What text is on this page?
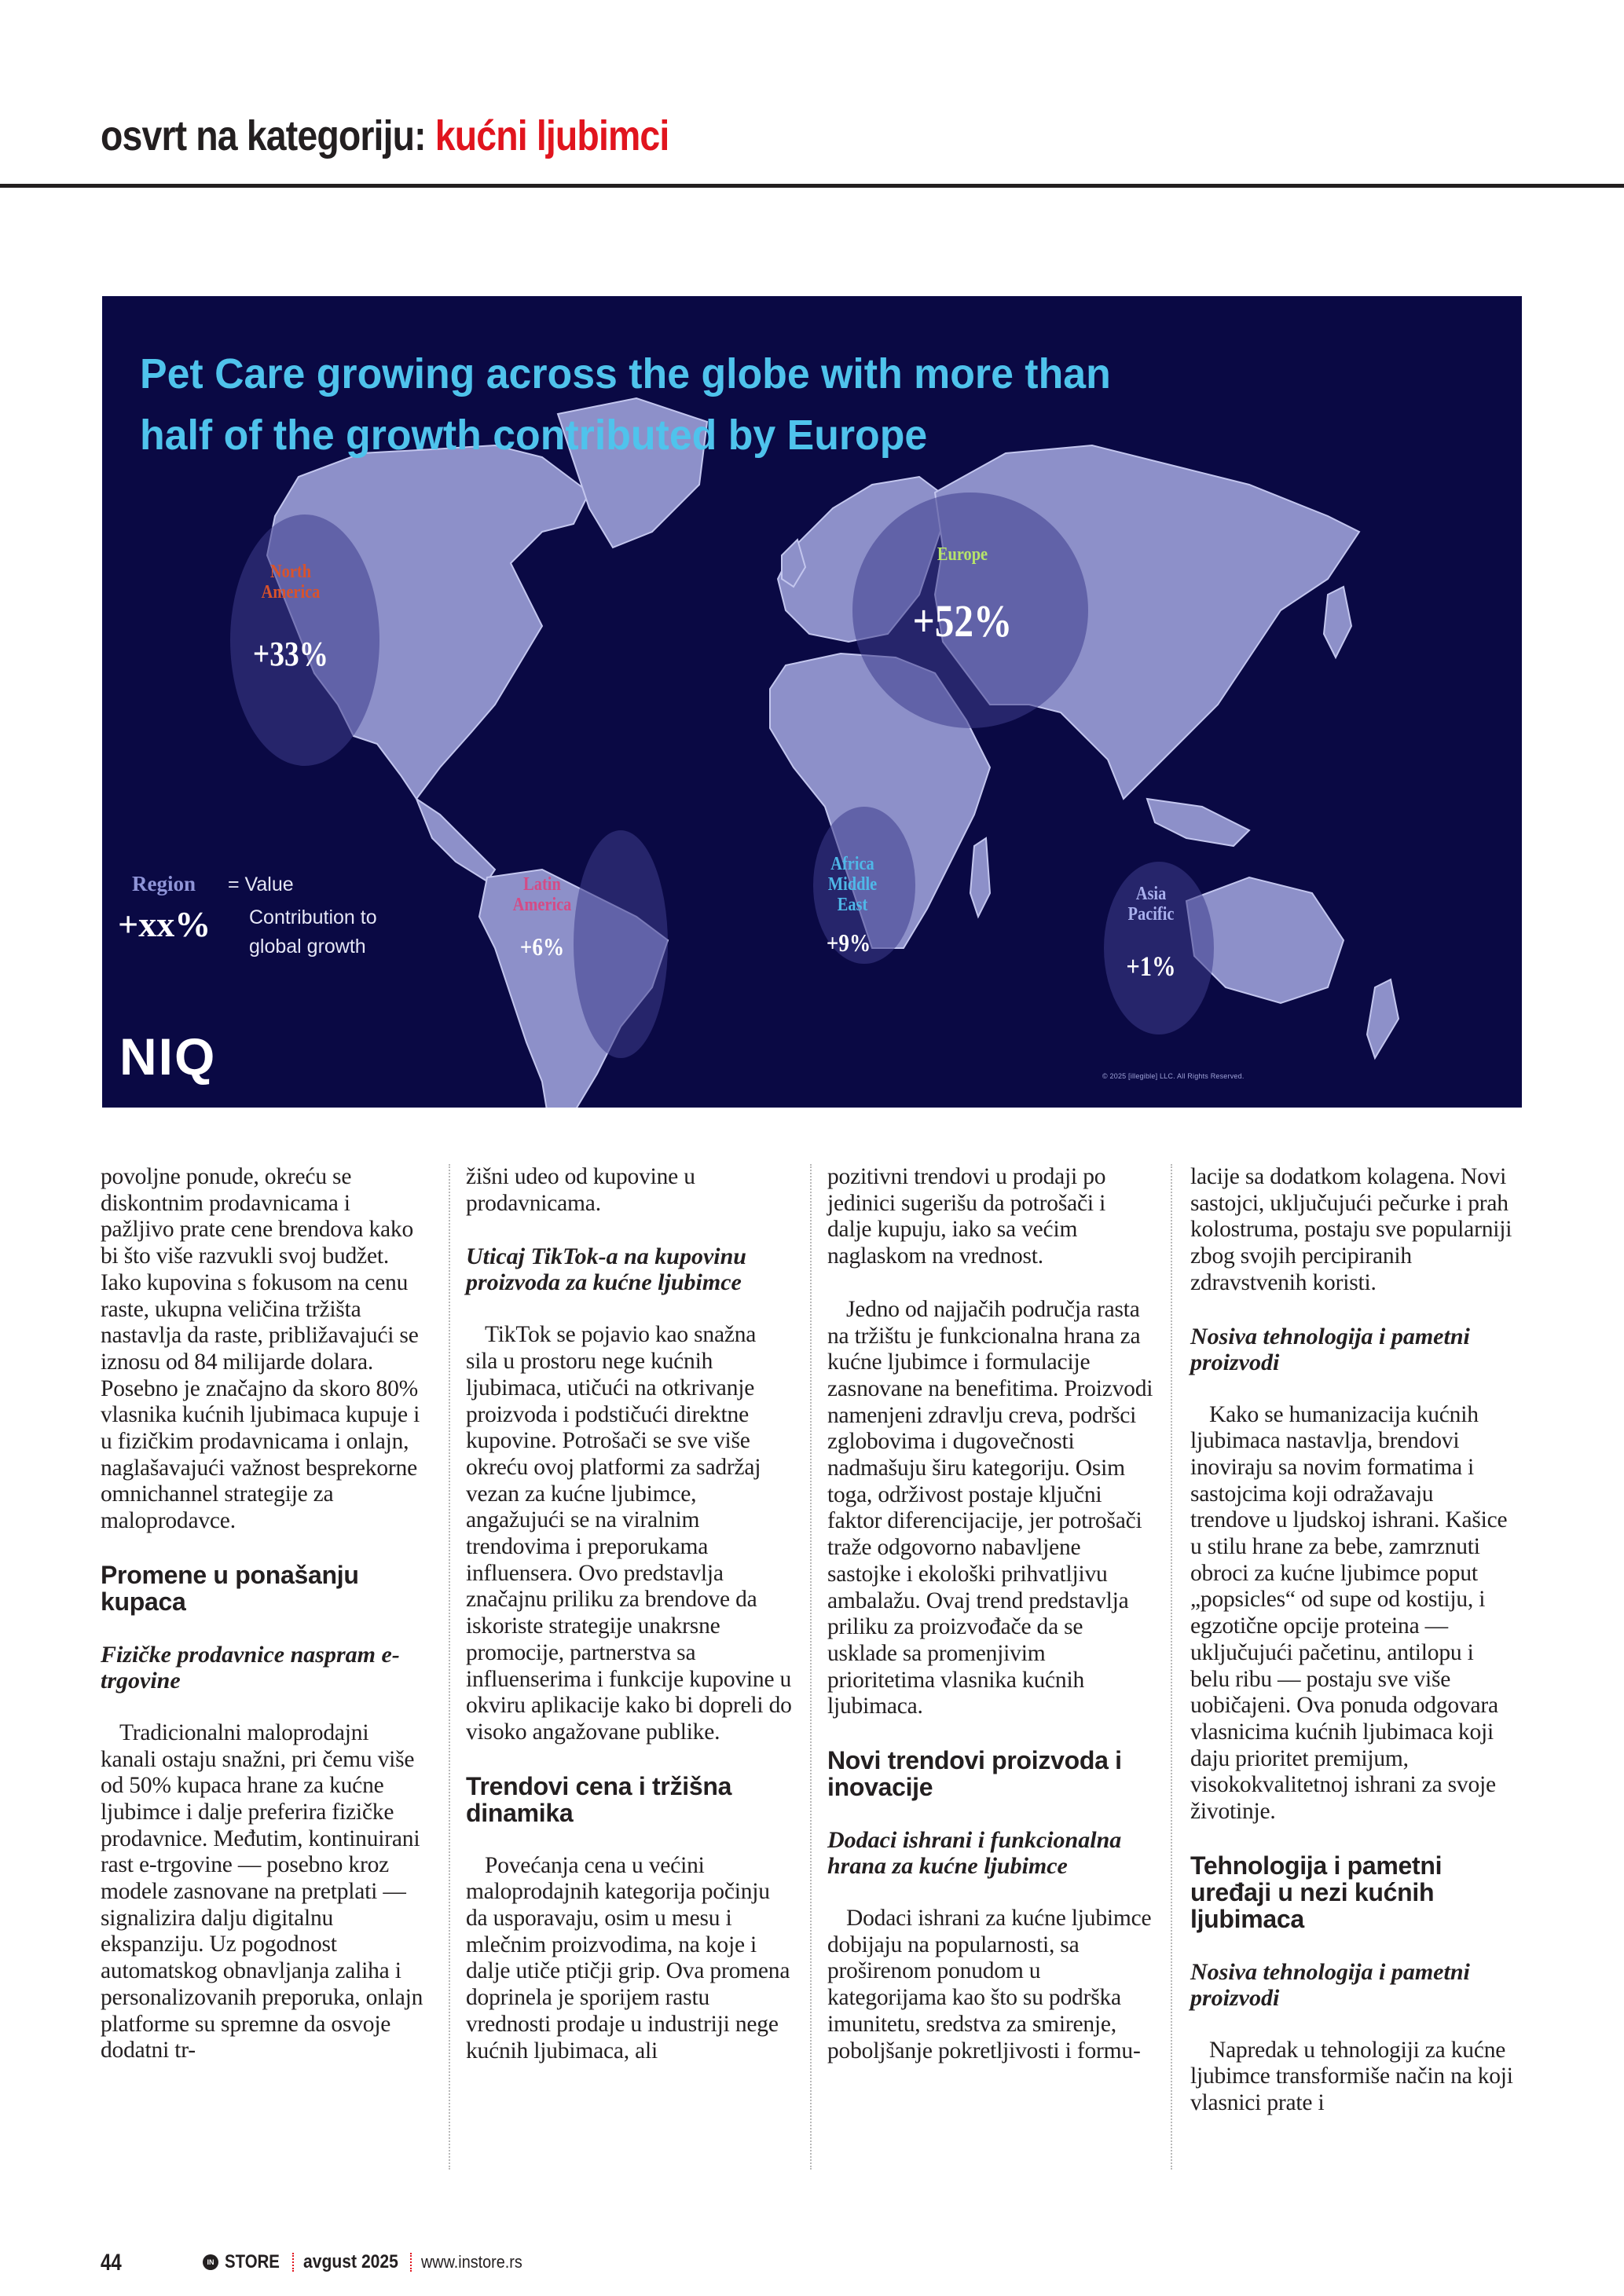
osvrt na kategoriju: kućni ljubimci
Pet Care growing across the globe with more than
half of the growth contributed by Europe
North
America
+33%
Europe
+52%
Latin
America
+6%
Africa
Middle
East
+9%
Asia
Pacific
+1%
Region = Value
+xx% Contribution to global growth
NIQ	© 2025 [illegible] LLC. All Rights Reserved.

povoljne ponude, okreću se diskontnim prodavnicama i pažljivo prate cene brendova kako bi što više razvukli svoj budžet. Iako kupovina s fokusom na cenu raste, ukupna veličina tržišta nastavlja da raste, približavajući se iznosu od 84 milijarde dolara. Posebno je značajno da skoro 80% vlasnika kućnih ljubimaca kupuje i u fizičkim prodavnicama i onlajn, naglašavajući važnost besprekorne omnichannel strategije za maloprodavce.

Promene u ponašanju kupaca
Fizičke prodavnice naspram e-trgovine

Tradicionalni maloprodajni kanali ostaju snažni, pri čemu više od 50% kupaca hrane za kućne ljubimce i dalje preferira fizičke prodavnice. Međutim, kontinuirani rast e-trgovine — posebno kroz modele zasnovane na pretplati — signalizira dalju digitalnu ekspanziju. Uz pogodnost automatskog obnavljanja zaliha i personalizovanih preporuka, onlajn platforme su spremne da osvoje dodatni tr-

žišni udeo od kupovine u prodavnicama.

Uticaj TikTok-a na kupovinu proizvoda za kućne ljubimce

TikTok se pojavio kao snažna sila u prostoru nege kućnih ljubimaca, utičući na otkrivanje proizvoda i podstičući direktne kupovine. Potrošači se sve više okreću ovoj platformi za sadržaj vezan za kućne ljubimce, angažujući se na viralnim trendovima i preporukama influensera. Ovo predstavlja značajnu priliku za brendove da iskoriste strategije unakrsne promocije, partnerstva sa influenserima i funkcije kupovine u okviru aplikacije kako bi dopreli do visoko angažovane publike.

Trendovi cena i tržišna dinamika

Povećanja cena u većini maloprodajnih kategorija počinju da usporavaju, osim u mesu i mlečnim proizvodima, na koje i dalje utiče ptičji grip. Ova promena doprinela je sporijem rastu vrednosti prodaje u industriji nege kućnih ljubimaca, ali

pozitivni trendovi u prodaji po jedinici sugerišu da potrošači i dalje kupuju, iako sa većim naglaskom na vrednost.

Jedno od najjačih područja rasta na tržištu je funkcionalna hrana za kućne ljubimce i formulacije zasnovane na benefitima. Proizvodi namenjeni zdravlju creva, podršci zglobovima i dugovečnosti nadmašuju širu kategoriju. Osim toga, održivost postaje ključni faktor diferencijacije, jer potrošači traže odgovorno nabavljene sastojke i ekološki prihvatljivu ambalažu. Ovaj trend predstavlja priliku za proizvođače da se usklade sa promenjivim prioritetima vlasnika kućnih ljubimaca.

Novi trendovi proizvoda i inovacije
Dodaci ishrani i funkcionalna hrana za kućne ljubimce

Dodaci ishrani za kućne ljubimce dobijaju na popularnosti, sa proširenom ponudom u kategorijama kao što su podrška imunitetu, sredstva za smirenje, poboljšanje pokretljivosti i formu-

lacije sa dodatkom kolagena. Novi sastojci, uključujući pečurke i prah kolostruma, postaju sve popularniji zbog svojih percipiranih zdravstvenih koristi.

Nosiva tehnologija i pametni proizvodi

Kako se humanizacija kućnih ljubimaca nastavlja, brendovi inoviraju sa novim formatima i sastojcima koji odražavaju trendove u ljudskoj ishrani. Kašice u stilu hrane za bebe, zamrznuti obroci za kućne ljubimce poput „popsicles“ od supe od kostiju, i egzotične opcije proteina — uključujući pačetinu, antilopu i belu ribu — postaju sve više uobičajeni. Ova ponuda odgovara vlasnicima kućnih ljubimaca koji daju prioritet premijum, visokokvalitetnoj ishrani za svoje životinje.

Tehnologija i pametni uređaji u nezi kućnih ljubimaca
Nosiva tehnologija i pametni proizvodi

Napredak u tehnologiji za kućne ljubimce transformiše način na koji vlasnici prate i

44	IN STORE avgust 2025 www.instore.rs
